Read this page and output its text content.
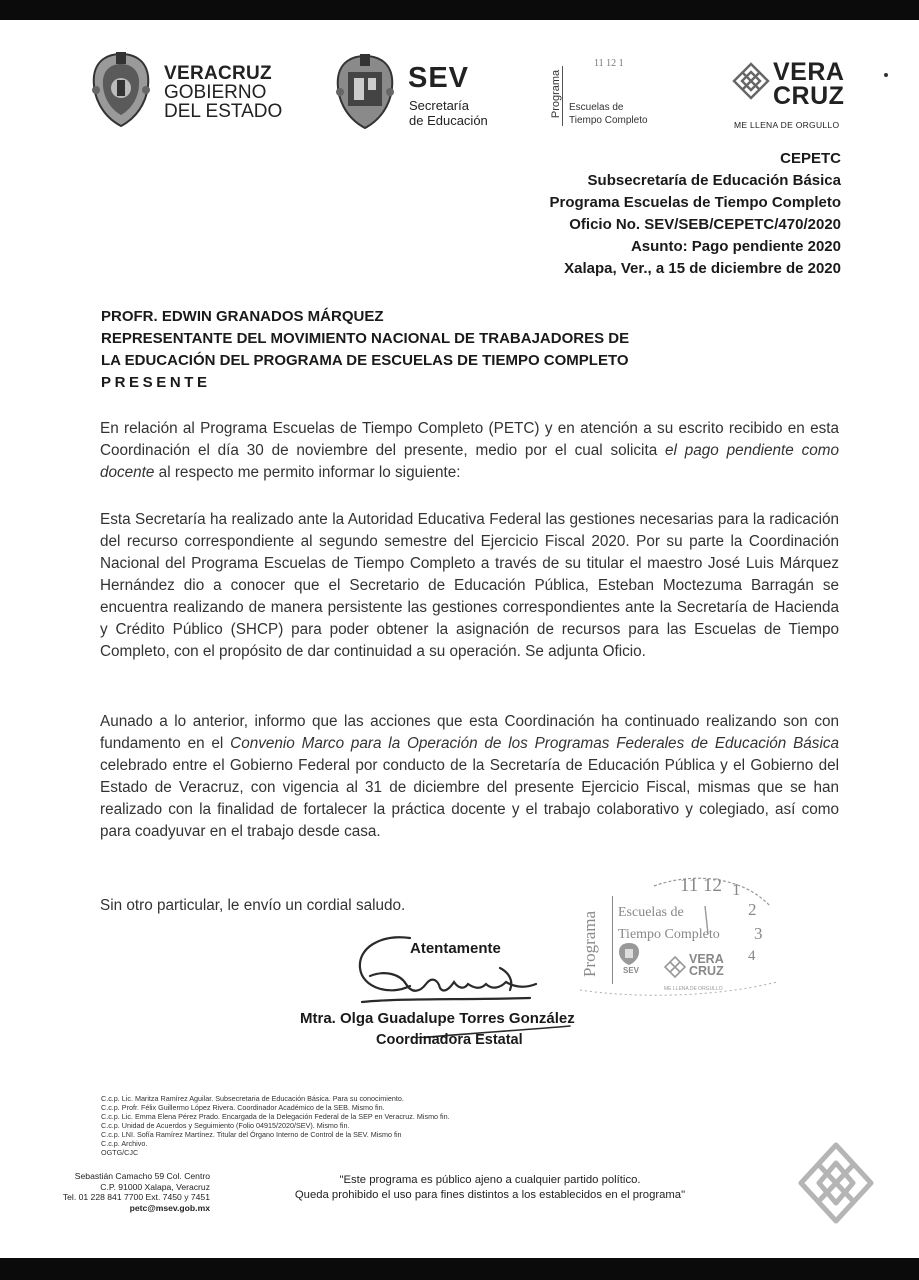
VERACRUZ
GOBIERNO
DEL ESTADO
SEV
Secretaría
de Educación
Programa
11 12 1
Escuelas de
Tiempo Completo
VERA
CRUZ
ME LLENA DE ORGULLO
CEPETC
Subsecretaría de Educación Básica
Programa Escuelas de Tiempo Completo
Oficio No. SEV/SEB/CEPETC/470/2020
Asunto: Pago pendiente 2020
Xalapa, Ver., a 15 de diciembre de 2020
PROFR. EDWIN GRANADOS MÁRQUEZ
REPRESENTANTE DEL MOVIMIENTO NACIONAL DE TRABAJADORES DE
LA EDUCACIÓN DEL PROGRAMA DE ESCUELAS DE TIEMPO COMPLETO
PRESENTE
En relación al Programa Escuelas de Tiempo Completo (PETC) y en atención a su escrito recibido en esta Coordinación el día 30 de noviembre del presente, medio por el cual solicita el pago pendiente como docente al respecto me permito informar lo siguiente:
Esta Secretaría ha realizado ante la Autoridad Educativa Federal las gestiones necesarias para la radicación del recurso correspondiente al segundo semestre del Ejercicio Fiscal 2020. Por su parte la Coordinación Nacional del Programa Escuelas de Tiempo Completo a través de su titular el maestro José Luis Márquez Hernández dio a conocer que el Secretario de Educación Pública, Esteban Moctezuma Barragán se encuentra realizando de manera persistente las gestiones correspondientes ante la Secretaría de Hacienda y Crédito Público (SHCP) para poder obtener la asignación de recursos para las Escuelas de Tiempo Completo, con el propósito de dar continuidad a su operación. Se adjunta Oficio.
Aunado a lo anterior, informo que las acciones que esta Coordinación ha continuado realizando son con fundamento en el Convenio Marco para la Operación de los Programas Federales de Educación Básica celebrado entre el Gobierno Federal por conducto de la Secretaría de Educación Pública y el Gobierno del Estado de Veracruz, con vigencia al 31 de diciembre del presente Ejercicio Fiscal, mismas que se han realizado con la finalidad de fortalecer la práctica docente y el trabajo colaborativo y colegiado, así como para coadyuvar en el trabajo desde casa.
Sin otro particular, le envío un cordial saludo.
Programa
11 12 1
2
3
4
Escuelas de
Tiempo Completo
SEV
VERA
CRUZ
ME LLENA DE ORGULLO
Atentamente
Mtra. Olga Guadalupe Torres González
Coordinadora Estatal
C.c.p. Lic. Maritza Ramírez Aguilar. Subsecretaria de Educación Básica. Para su conocimiento.
C.c.p. Profr. Félix Guillermo López Rivera. Coordinador Académico de la SEB. Mismo fin.
C.c.p. Lic. Emma Elena Pérez Prado. Encargada de la Delegación Federal de la SEP en Veracruz. Mismo fin.
C.c.p. Unidad de Acuerdos y Seguimiento (Folio 04915/2020/SEV). Mismo fin.
C.c.p. LNI. Sofía Ramírez Martínez. Titular del Órgano Interno de Control de la SEV. Mismo fin
C.c.p. Archivo.
OGTG/CJC
Sebastián Camacho 59 Col. Centro
C.P. 91000 Xalapa, Veracruz
Tel. 01 228 841 7700 Ext. 7450 y 7451
petc@msev.gob.mx
"Este programa es público ajeno a cualquier partido político.
Queda prohibido el uso para fines distintos a los establecidos en el programa"
